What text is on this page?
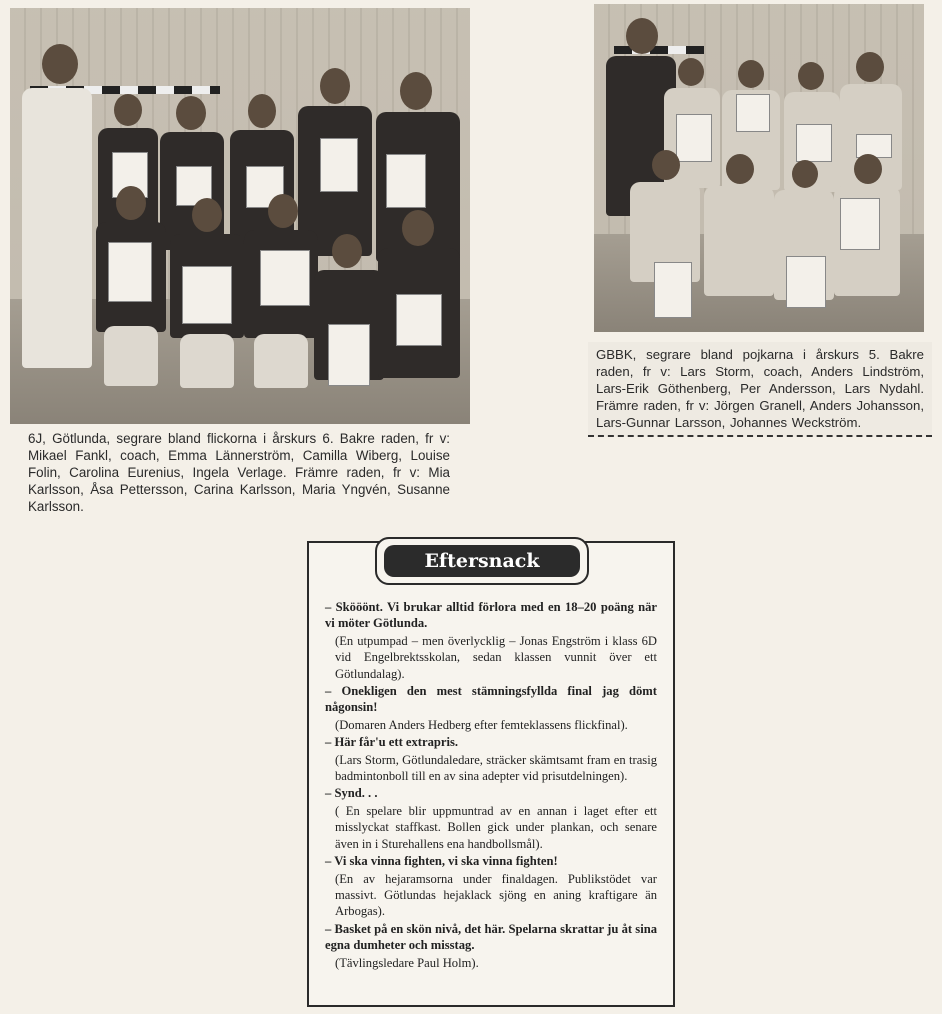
6J, Götlunda, segrare bland flickorna i årskurs 6. Bakre raden, fr v: Mikael Fankl, coach, Emma Lännerström, Camilla Wiberg, Louise Folin, Carolina Eurenius, Ingela Verlage. Främre raden, fr v: Mia Karlsson, Åsa Pettersson, Carina Karlsson, Maria Yngvén, Susanne Karlsson.
GBBK, segrare bland pojkarna i årskurs 5. Bakre raden, fr v: Lars Storm, coach, Anders Lindström, Lars-Erik Göthenberg, Per Andersson, Lars Nydahl. Främre raden, fr v: Jörgen Granell, Anders Johansson, Lars-Gunnar Larsson, Johannes Weckström.
Eftersnack

– Skööönt. Vi brukar alltid förlora med en 18–20 poäng när vi möter Götlunda.

(En utpumpad – men överlycklig – Jonas Engström i klass 6D vid Engelbrektsskolan, sedan klassen vunnit över ett Götlundalag).

– Onekligen den mest stämningsfyllda final jag dömt någonsin!

(Domaren Anders Hedberg efter femteklassens flickfinal).

– Här får'u ett extrapris.

(Lars Storm, Götlundaledare, sträcker skämtsamt fram en trasig badmintonboll till en av sina adepter vid prisutdelningen).

– Synd. . .

( En spelare blir uppmuntrad av en annan i laget efter ett misslyckat staffkast. Bollen gick under plankan, och senare även in i Sturehallens ena handbollsmål).

– Vi ska vinna fighten, vi ska vinna fighten!

(En av hejaramsorna under finaldagen. Publikstödet var massivt. Götlundas hejaklack sjöng en aning kraftigare än Arbogas).

– Basket på en skön nivå, det här. Spelarna skrattar ju åt sina egna dumheter och misstag.

(Tävlingsledare Paul Holm).
